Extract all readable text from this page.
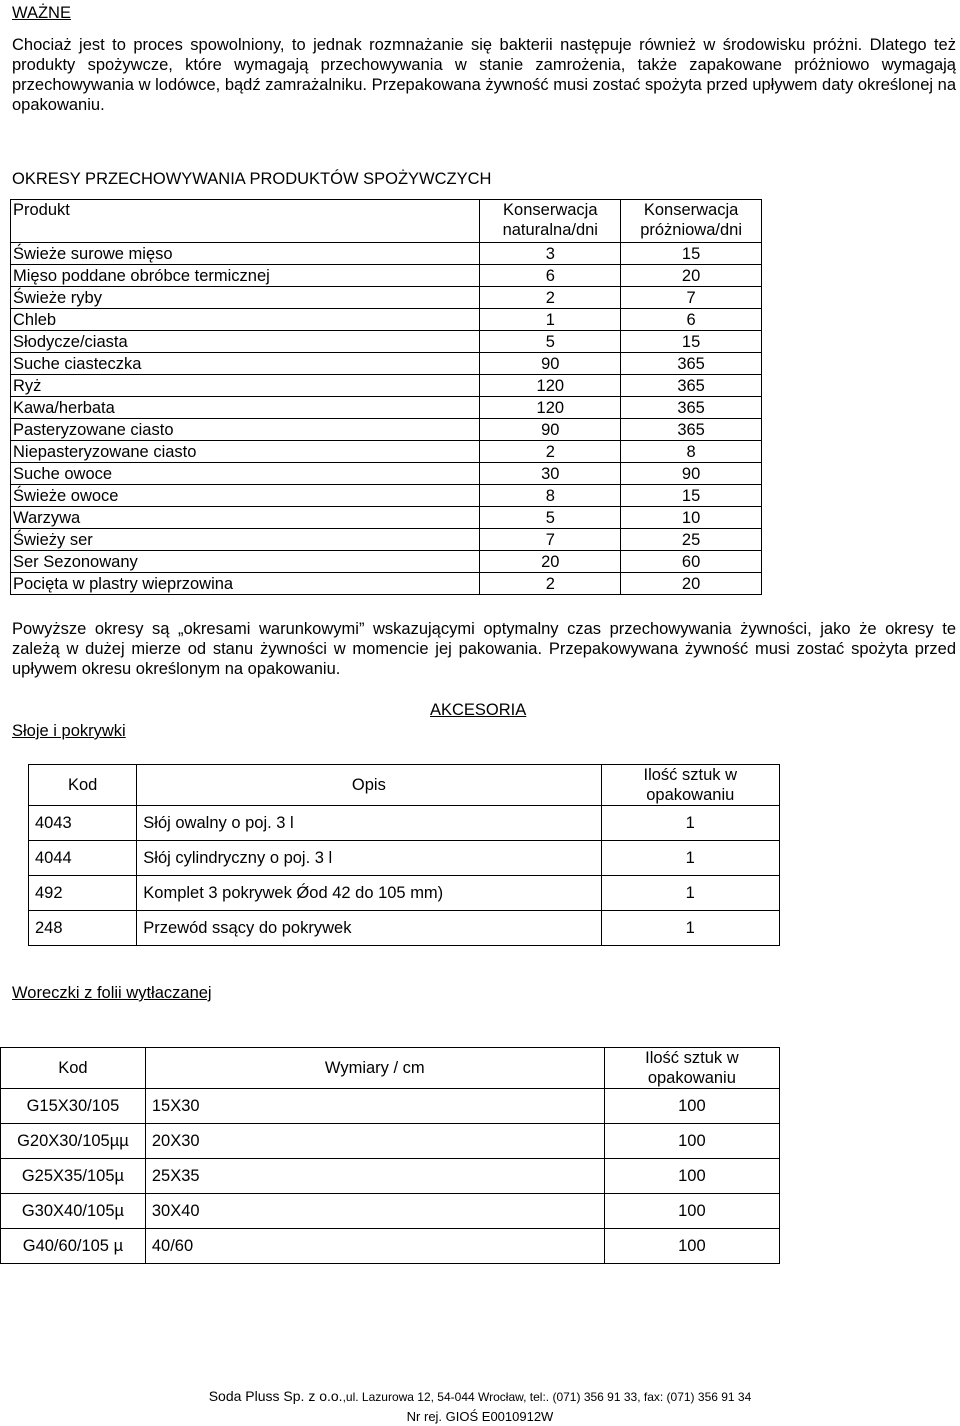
WAŻNE
Chociaż jest to proces spowolniony, to jednak rozmnażanie się bakterii następuje również w środowisku próżni. Dlatego też produkty spożywcze, które wymagają przechowywania w stanie zamrożenia, także zapakowane próżniowo wymagają przechowywania w lodówce, bądź zamrażalniku. Przepakowana żywność musi zostać spożyta przed upływem daty określonej na opakowaniu.
OKRESY PRZECHOWYWANIA PRODUKTÓW SPOŻYWCZYCH
Produkt	Konserwacja naturalna/dni	Konserwacja próżniowa/dni
Świeże surowe mięso	3	15
Mięso poddane obróbce termicznej	6	20
Świeże ryby	2	7
Chleb	1	6
Słodycze/ciasta	5	15
Suche ciasteczka	90	365
Ryż	120	365
Kawa/herbata	120	365
Pasteryzowane ciasto	90	365
Niepasteryzowane ciasto	2	8
Suche owoce	30	90
Świeże owoce	8	15
Warzywa	5	10
Świeży ser	7	25
Ser Sezonowany	20	60
Pocięta w plastry wieprzowina	2	20
Powyższe okresy są „okresami warunkowymi” wskazującymi optymalny czas przechowywania żywności, jako że okresy te zależą w dużej mierze od stanu żywności w momencie jej pakowania. Przepakowywana żywność musi zostać spożyta przed upływem okresu określonym na opakowaniu.
AKCESORIA
Słoje i pokrywki
Kod	Opis	Ilość sztuk w opakowaniu
4043	Słój owalny o poj. 3 l	1
4044	Słój cylindryczny o poj. 3 l	1
492	Komplet 3 pokrywek Ǿod 42 do 105 mm)	1
248	Przewód ssący do pokrywek	1
Woreczki z folii wytłaczanej
Kod	Wymiary / cm	Ilość sztuk w opakowaniu
G15X30/105	15X30	100
G20X30/105µµ	20X30	100
G25X35/105µ	25X35	100
G30X40/105µ	30X40	100
G40/60/105 µ	40/60	100
Soda Pluss Sp. z o.o.,ul. Lazurowa 12, 54-044 Wrocław, tel:. (071) 356 91 33, fax: (071) 356 91 34
Nr rej. GIOŚ E0010912W
